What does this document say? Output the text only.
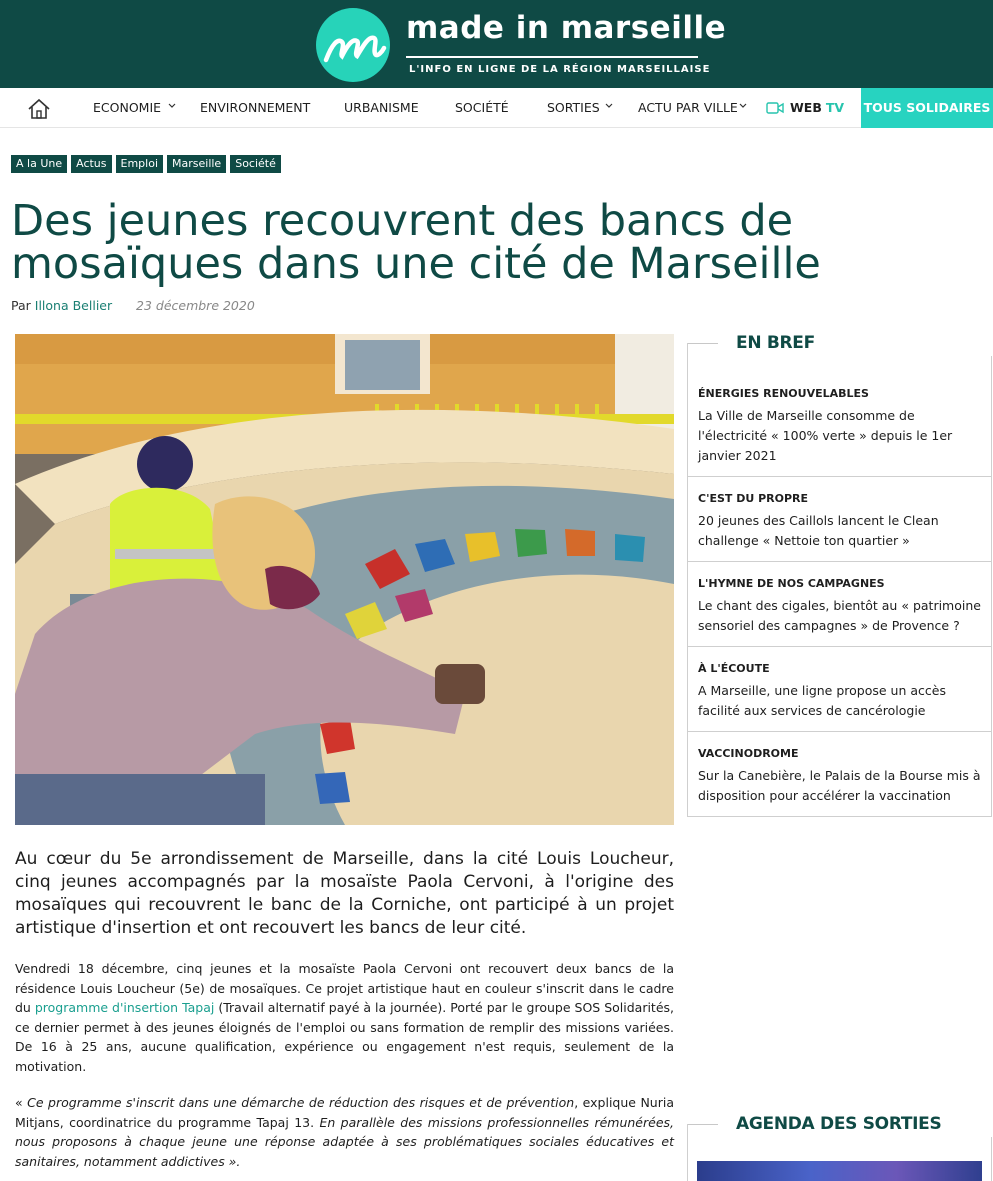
made in marseille
L'INFO EN LIGNE DE LA RÉGION MARSEILLAISE
ECONOMIE	ENVIRONNEMENT	URBANISME	SOCIÉTÉ	SORTIES	ACTU PAR VILLE	WEB TV TOUS SOLIDAIRES
A la Une	Actus	Emploi	Marseille	Société
Des jeunes recouvrent des bancs de mosaïques dans une cité de Marseille
Par Illona Bellier 23 décembre 2020

Au cœur du 5e arrondissement de Marseille, dans la cité Louis Loucheur, cinq jeunes accompagnés par la mosaïste Paola Cervoni, à l'origine des mosaïques qui recouvrent le banc de la Corniche, ont participé à un projet artistique d'insertion et ont recouvert les bancs de leur cité.

Vendredi 18 décembre, cinq jeunes et la mosaïste Paola Cervoni ont recouvert deux bancs de la résidence Louis Loucheur (5e) de mosaïques. Ce projet artistique haut en couleur s'inscrit dans le cadre du programme d'insertion Tapaj (Travail alternatif payé à la journée). Porté par le groupe SOS Solidarités, ce dernier permet à des jeunes éloignés de l'emploi ou sans formation de remplir des missions variées. De 16 à 25 ans, aucune qualification, expérience ou engagement n'est requis, seulement de la motivation.

« Ce programme s'inscrit dans une démarche de réduction des risques et de prévention, explique Nuria Mitjans, coordinatrice du programme Tapaj 13. En parallèle des missions professionnelles rémunérées, nous proposons à chaque jeune une réponse adaptée à ses problématiques sociales éducatives et sanitaires, notamment addictives ».

EN BREF
ÉNERGIES RENOUVELABLES
La Ville de Marseille consomme de l'électricité « 100% verte » depuis le 1er janvier 2021
C'EST DU PROPRE
20 jeunes des Caillols lancent le Clean challenge « Nettoie ton quartier »
L'HYMNE DE NOS CAMPAGNES
Le chant des cigales, bientôt au « patrimoine sensoriel des campagnes » de Provence ?
À L'ÉCOUTE
A Marseille, une ligne propose un accès facilité aux services de cancérologie
VACCINODROME
Sur la Canebière, le Palais de la Bourse mis à disposition pour accélérer la vaccination
AGENDA DES SORTIES
